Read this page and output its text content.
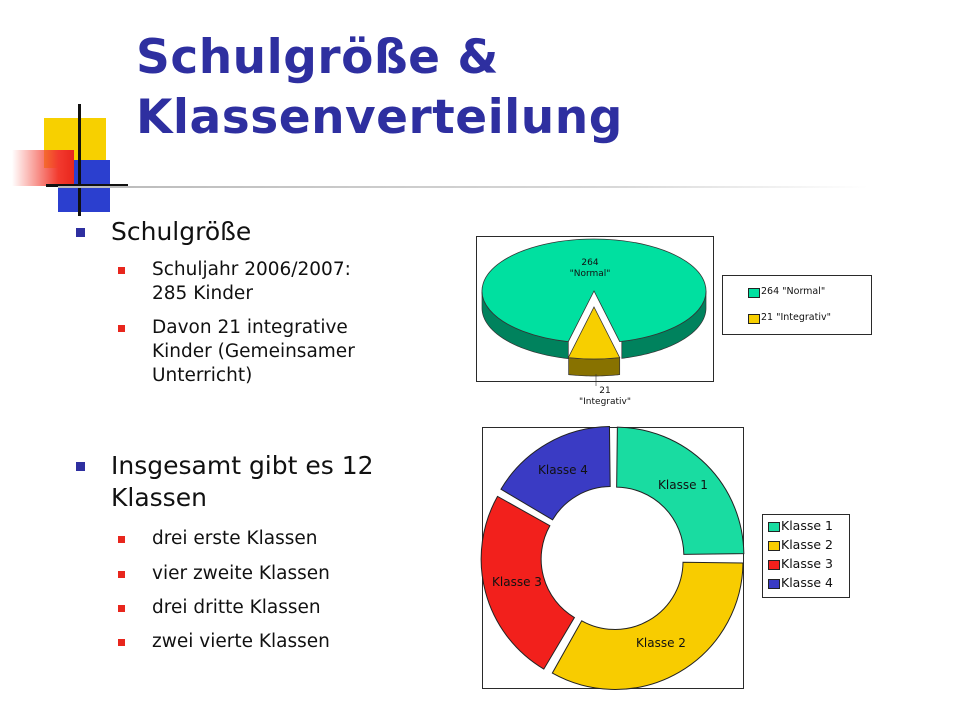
Schulgröße &
Klassenverteilung
Schulgröße
Schuljahr 2006/2007:
285 Kinder
Davon 21 integrative
Kinder (Gemeinsamer
Unterricht)
Insgesamt gibt es 12
Klassen
drei erste Klassen
vier zweite Klassen
drei dritte Klassen
zwei vierte Klassen
264
"Normal"
21
"Integrativ"
264 "Normal"
21 "Integrativ"
Klasse 1
Klasse 2
Klasse 3
Klasse 4
Klasse 1
Klasse 2
Klasse 3
Klasse 4
